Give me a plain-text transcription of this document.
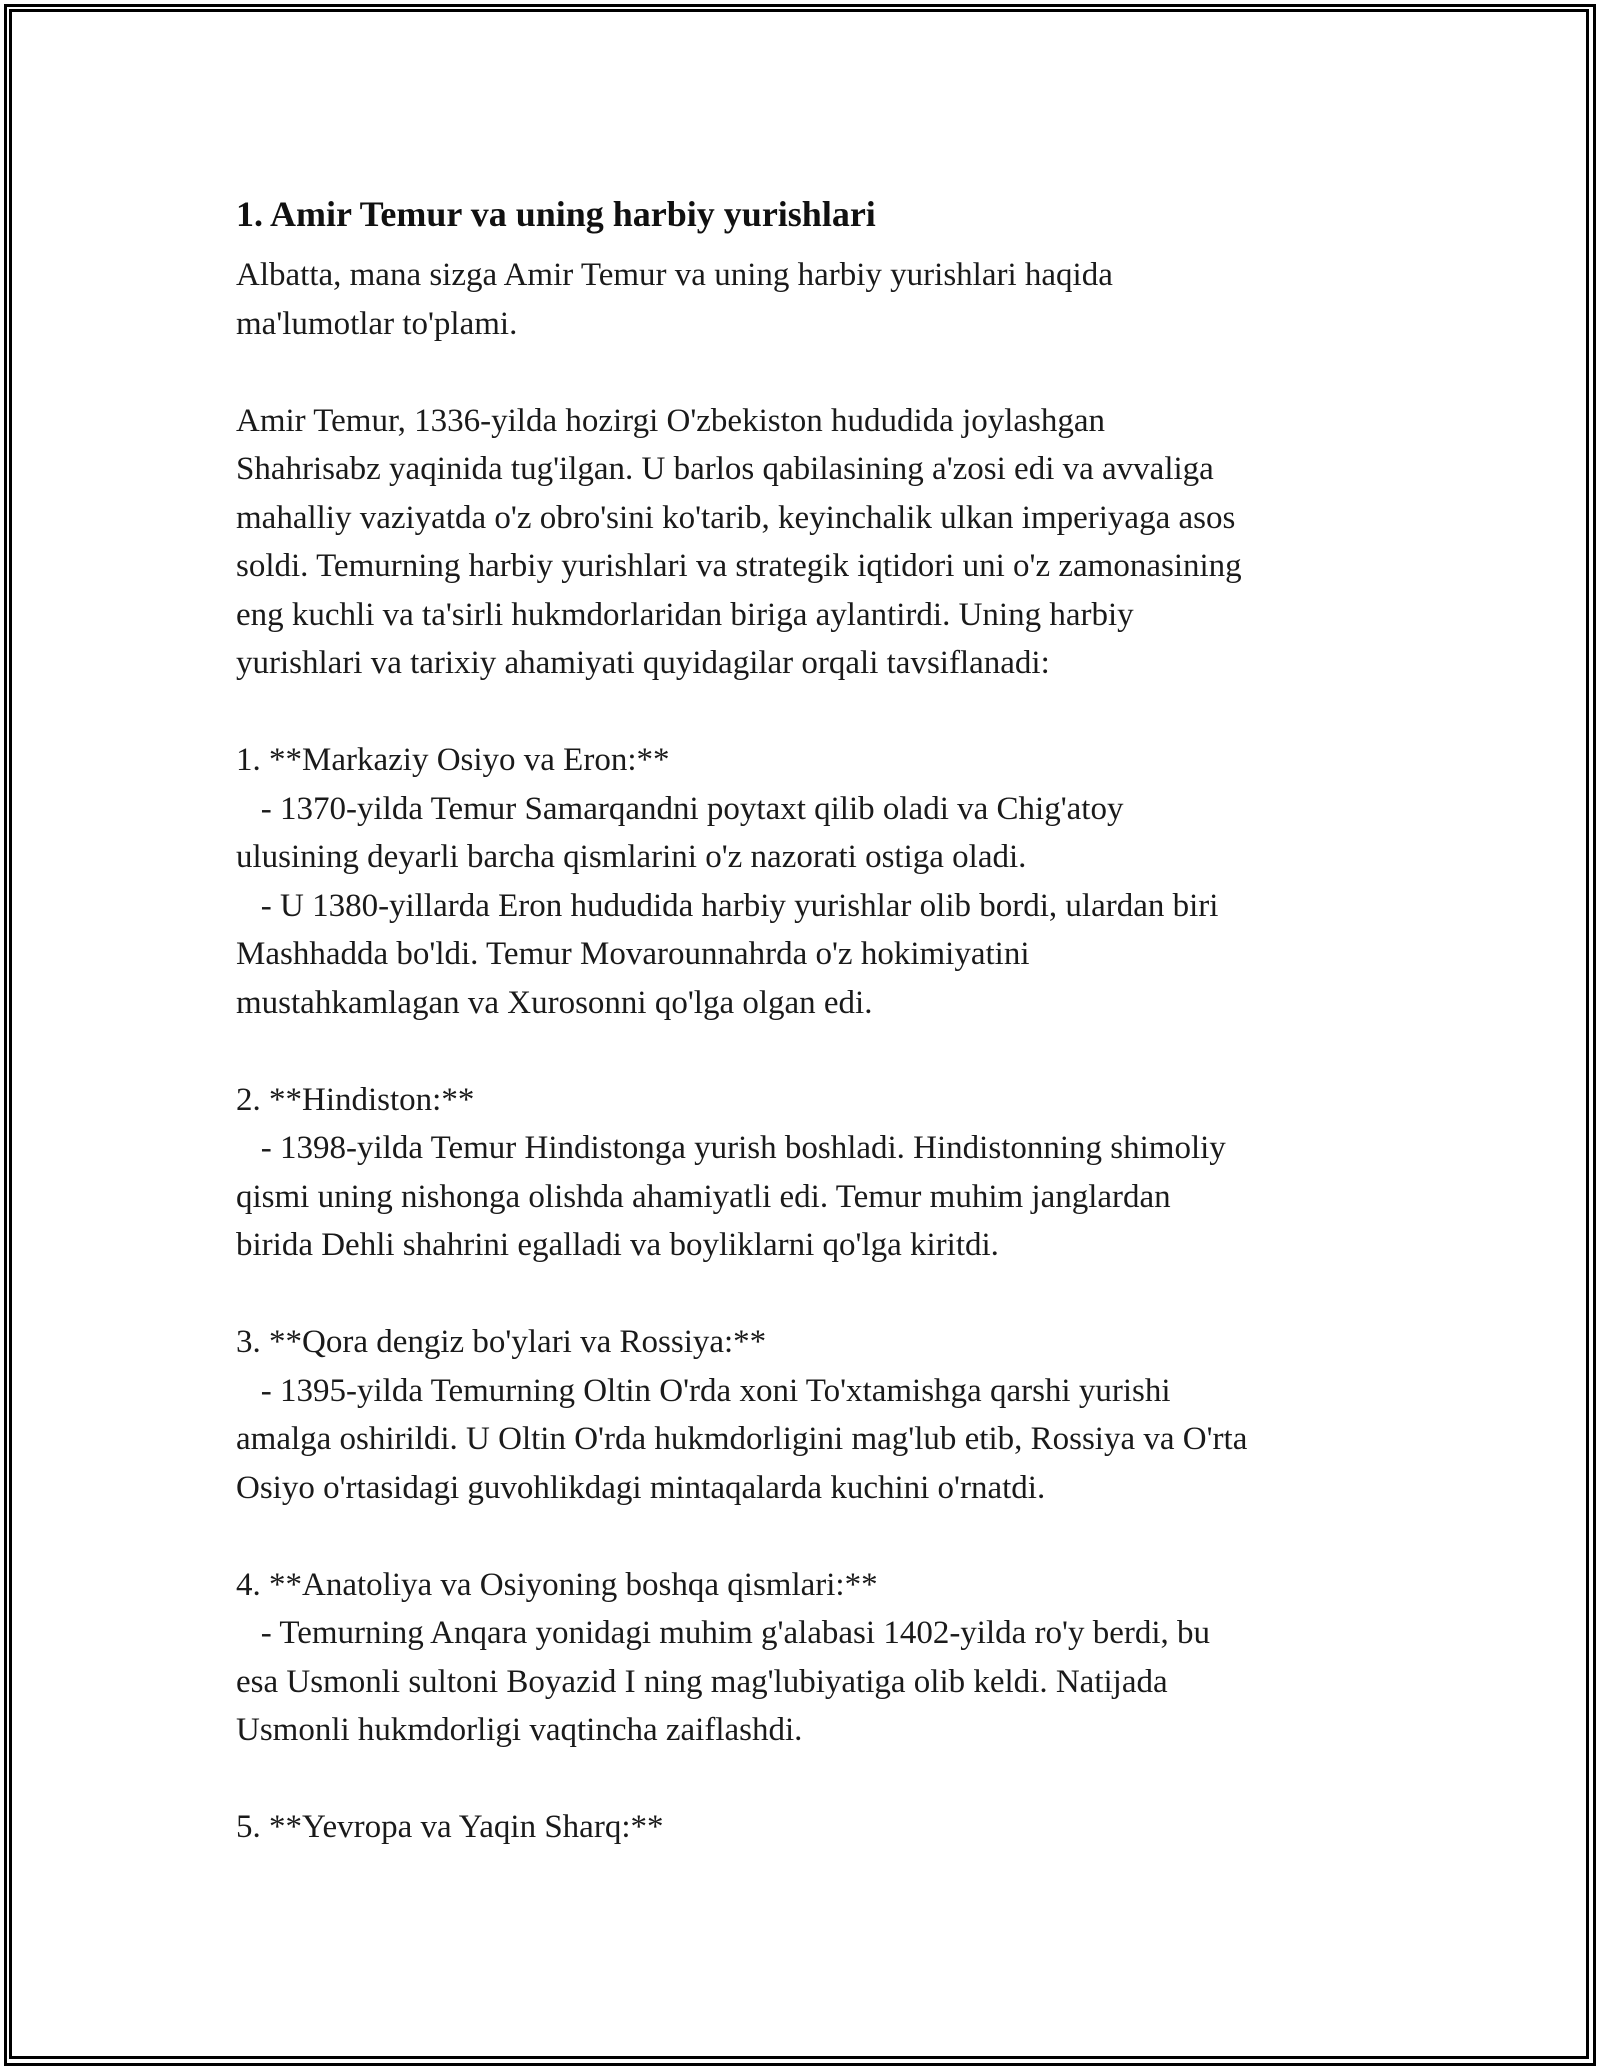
1. Amir Temur va uning harbiy yurishlari
Albatta, mana sizga Amir Temur va uning harbiy yurishlari haqida
ma'lumotlar to'plami.
Amir Temur, 1336-yilda hozirgi O'zbekiston hududida joylashgan
Shahrisabz yaqinida tug'ilgan. U barlos qabilasining a'zosi edi va avvaliga
mahalliy vaziyatda o'z obro'sini ko'tarib, keyinchalik ulkan imperiyaga asos
soldi. Temurning harbiy yurishlari va strategik iqtidori uni o'z zamonasining
eng kuchli va ta'sirli hukmdorlaridan biriga aylantirdi. Uning harbiy
yurishlari va tarixiy ahamiyati quyidagilar orqali tavsiflanadi:
1. **Markaziy Osiyo va Eron:**
- 1370-yilda Temur Samarqandni poytaxt qilib oladi va Chig'atoy
ulusining deyarli barcha qismlarini o'z nazorati ostiga oladi.
- U 1380-yillarda Eron hududida harbiy yurishlar olib bordi, ulardan biri
Mashhadda bo'ldi. Temur Movarounnahrda o'z hokimiyatini
mustahkamlagan va Xurosonni qo'lga olgan edi.
2. **Hindiston:**
- 1398-yilda Temur Hindistonga yurish boshladi. Hindistonning shimoliy
qismi uning nishonga olishda ahamiyatli edi. Temur muhim janglardan
birida Dehli shahrini egalladi va boyliklarni qo'lga kiritdi.
3. **Qora dengiz bo'ylari va Rossiya:**
- 1395-yilda Temurning Oltin O'rda xoni To'xtamishga qarshi yurishi
amalga oshirildi. U Oltin O'rda hukmdorligini mag'lub etib, Rossiya va O'rta
Osiyo o'rtasidagi guvohlikdagi mintaqalarda kuchini o'rnatdi.
4. **Anatoliya va Osiyoning boshqa qismlari:**
- Temurning Anqara yonidagi muhim g'alabasi 1402-yilda ro'y berdi, bu
esa Usmonli sultoni Boyazid I ning mag'lubiyatiga olib keldi. Natijada
Usmonli hukmdorligi vaqtincha zaiflashdi.
5. **Yevropa va Yaqin Sharq:**
